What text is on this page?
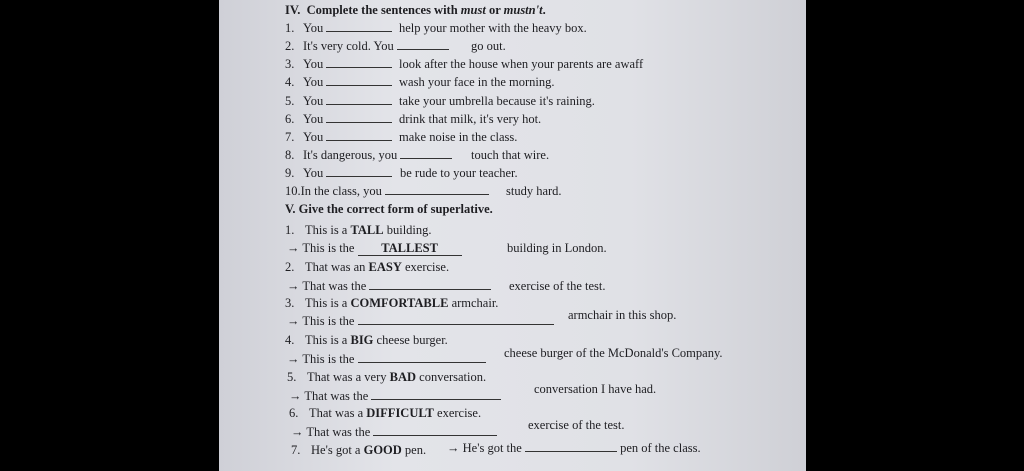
IV. Complete the sentences with must or mustn't.
1. You	help your mother with the heavy box.
2. It's very cold. You	go out.
3. You	look after the house when your parents are awaff
4. You	wash your face in the morning.
5. You	take your umbrella because it's raining.
6. You	drink that milk, it's very hot.
7. You	make noise in the class.
8. It's dangerous, you	touch that wire.
9. You	be rude to your teacher.
10.In the class, you	study hard.
V. Give the correct form of superlative.
1. This is a TALL building.
→ This is the TALLEST	building in London.
2. That was an EASY exercise.
→ That was the	exercise of the test.
3. This is a COMFORTABLE armchair.
→ This is the	armchair in this shop.
4. This is a BIG cheese burger.
→ This is the	cheese burger of the McDonald's Company.
5. That was a very BAD conversation.
→ That was the	conversation I have had.
6. That was a DIFFICULT exercise.
→ That was the	exercise of the test.
7. He's got a GOOD pen. → He's got the	pen of the class.
